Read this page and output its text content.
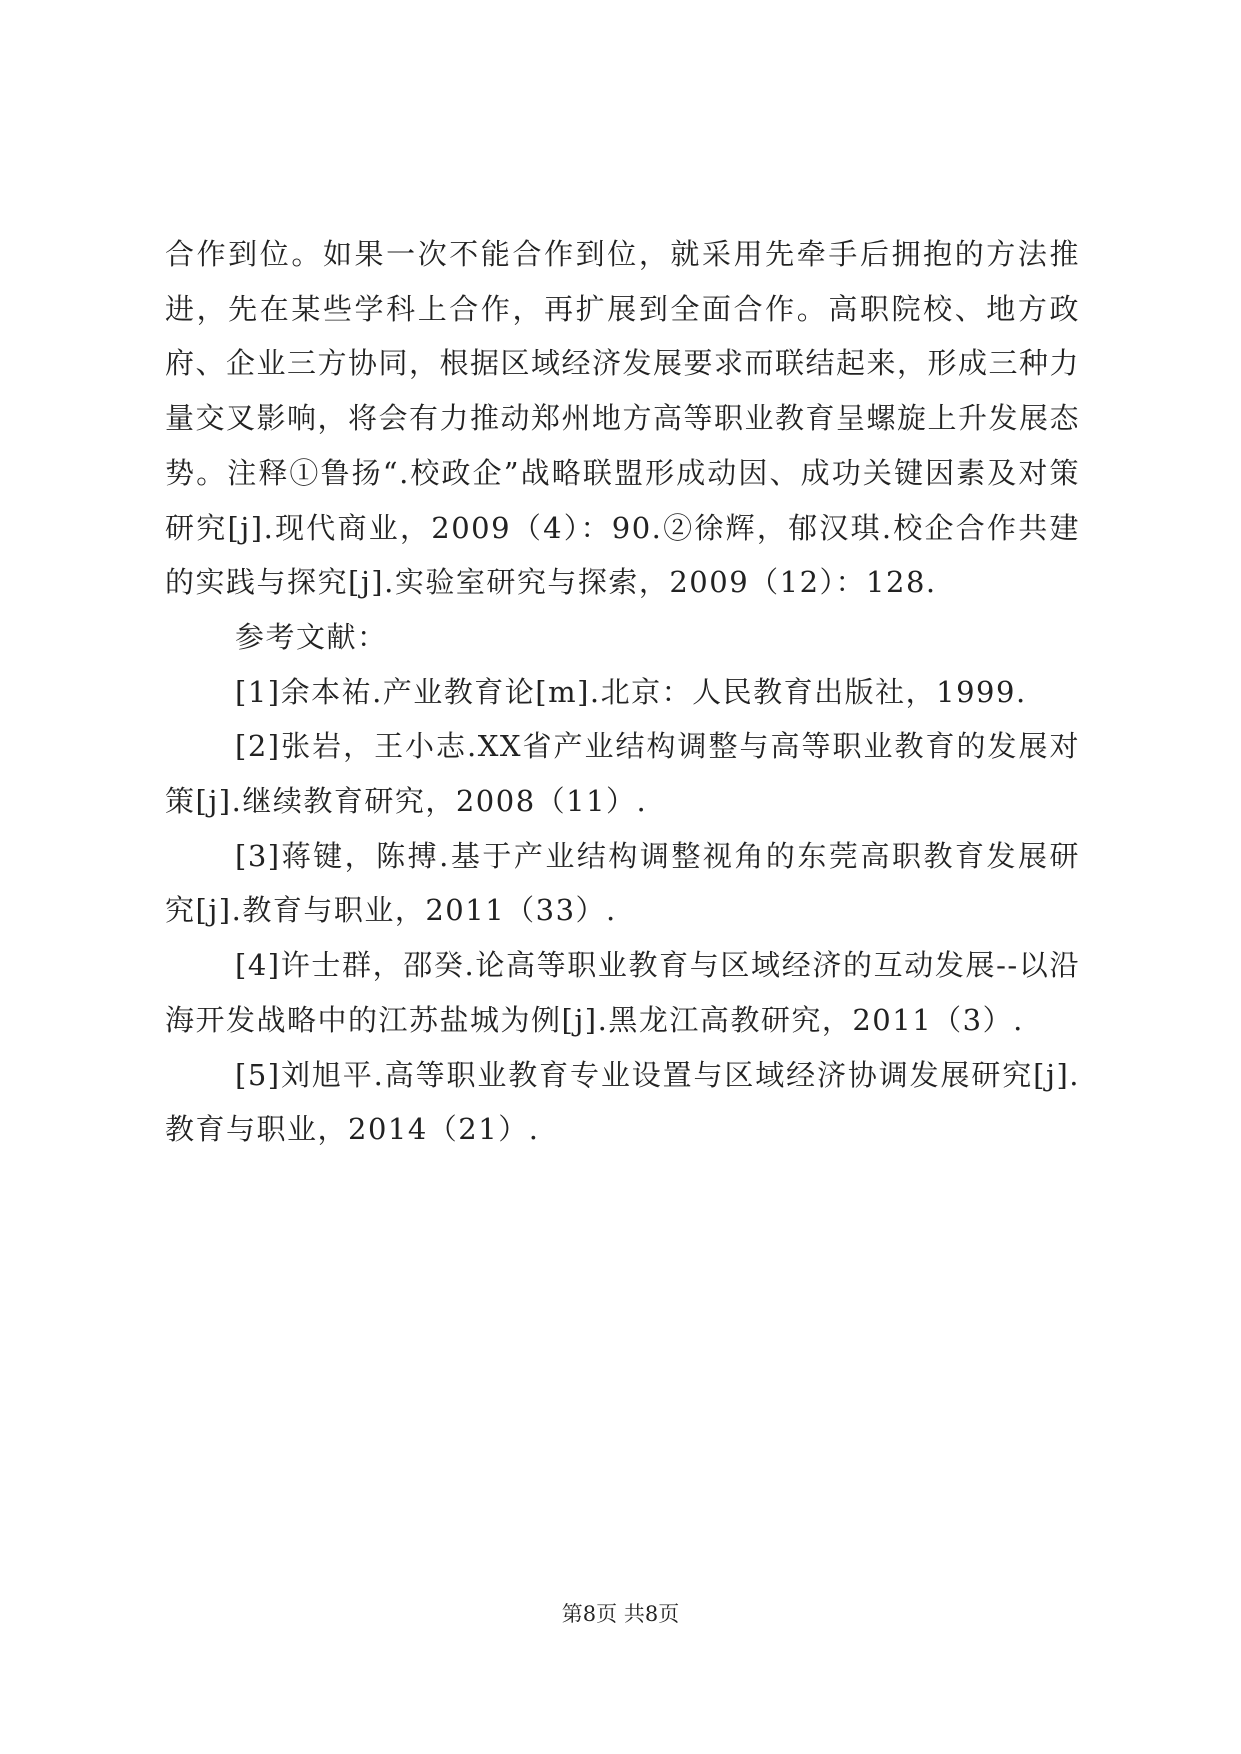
合作到位。如果一次不能合作到位，就采用先牵手后拥抱的方法推进，先在某些学科上合作，再扩展到全面合作。高职院校、地方政府、企业三方协同，根据区域经济发展要求而联结起来，形成三种力量交叉影响，将会有力推动郑州地方高等职业教育呈螺旋上升发展态势。注释①鲁扬“.校政企”战略联盟形成动因、成功关键因素及对策研究[j].现代商业，2009（4）：90.②徐辉，郁汉琪.校企合作共建的实践与探究[j].实验室研究与探索，2009（12）：128.

参考文献：

[1]余本祐.产业教育论[m].北京：人民教育出版社，1999.

[2]张岩，王小志.XX省产业结构调整与高等职业教育的发展对策[j].继续教育研究，2008（11）.

[3]蒋键，陈搏.基于产业结构调整视角的东莞高职教育发展研究[j].教育与职业，2011（33）.

[4]许士群，邵癸.论高等职业教育与区域经济的互动发展--以沿海开发战略中的江苏盐城为例[j].黑龙江高教研究，2011（3）.

[5]刘旭平.高等职业教育专业设置与区域经济协调发展研究[j].教育与职业，2014（21）.

第8页 共8页
